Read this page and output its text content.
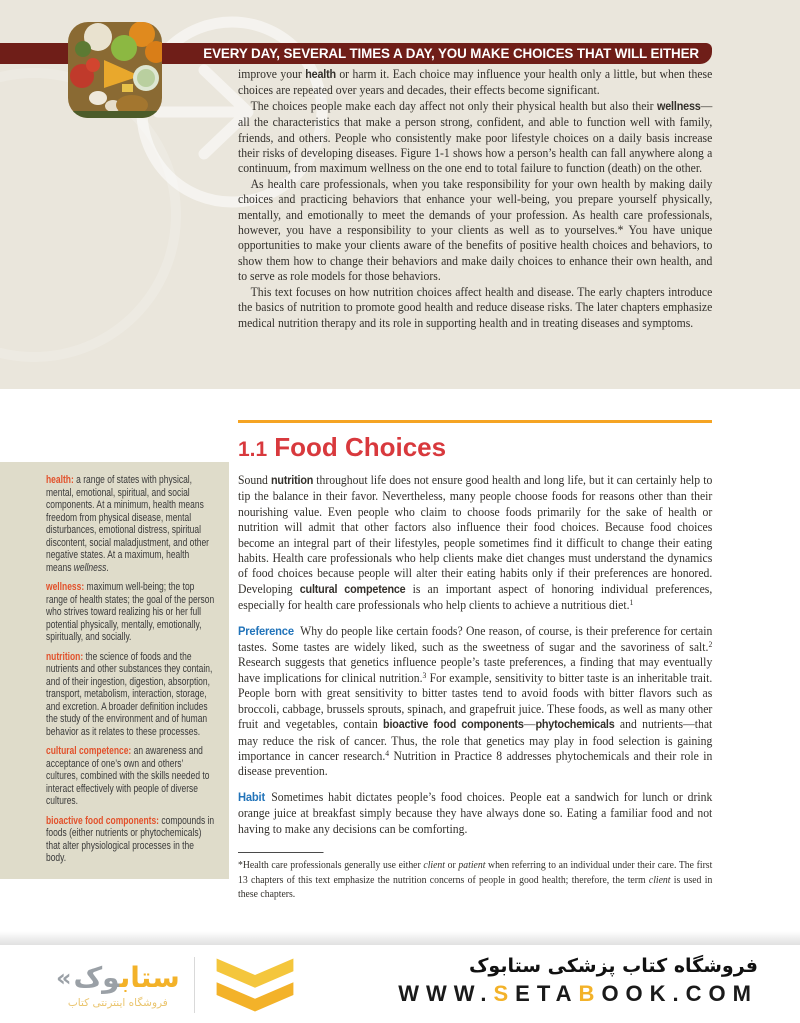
EVERY DAY, SEVERAL TIMES A DAY, YOU MAKE CHOICES THAT WILL EITHER

improve your health or harm it. Each choice may influence your health only a little, but when these choices are repeated over years and decades, their effects become significant.

The choices people make each day affect not only their physical health but also their wellness—all the characteristics that make a person strong, confident, and able to function well with family, friends, and others. People who consistently make poor lifestyle choices on a daily basis increase their risks of developing diseases. Figure 1-1 shows how a person’s health can fall anywhere along a continuum, from maximum wellness on the one end to total failure to function (death) on the other.

As health care professionals, when you take responsibility for your own health by making daily choices and practicing behaviors that enhance your well-being, you prepare yourself physically, mentally, and emotionally to meet the demands of your profession. As health care professionals, however, you have a responsibility to your clients as well as to yourselves.* You have unique opportunities to make your clients aware of the benefits of positive health choices and behaviors, to show them how to change their behaviors and make daily choices to enhance their own health, and to serve as role models for those behaviors.

This text focuses on how nutrition choices affect health and disease. The early chapters introduce the basics of nutrition to promote good health and reduce disease risks. The later chapters emphasize medical nutrition therapy and its role in supporting health and in treating diseases and symptoms.

health: a range of states with physical, mental, emotional, spiritual, and social components. At a minimum, health means freedom from physical disease, mental disturbances, emotional distress, spiritual discontent, social maladjustment, and other negative states. At a maximum, health means wellness.

wellness: maximum well-being; the top range of health states; the goal of the person who strives toward realizing his or her full potential physically, mentally, emotionally, spiritually, and socially.

nutrition: the science of foods and the nutrients and other substances they contain, and of their ingestion, digestion, absorption, transport, metabolism, interaction, storage, and excretion. A broader definition includes the study of the environment and of human behavior as it relates to these processes.

cultural competence: an awareness and acceptance of one’s own and others’ cultures, combined with the skills needed to interact effectively with people of diverse cultures.

bioactive food components: compounds in foods (either nutrients or phytochemicals) that alter physiological processes in the body.

1.1 Food Choices

Sound nutrition throughout life does not ensure good health and long life, but it can certainly help to tip the balance in their favor. Nevertheless, many people choose foods for reasons other than their nourishing value. Even people who claim to choose foods primarily for the sake of health or nutrition will admit that other factors also influence their food choices. Because food choices become an integral part of their lifestyles, people sometimes find it difficult to change their eating habits. Health care professionals who help clients make diet changes must understand the dynamics of food choices because people will alter their eating habits only if their preferences are honored. Developing cultural competence is an important aspect of honoring individual preferences, especially for health care professionals who help clients to achieve a nutritious diet.$^1$

Preference Why do people like certain foods? One reason, of course, is their preference for certain tastes. Some tastes are widely liked, such as the sweetness of sugar and the savoriness of salt.$^2$ Research suggests that genetics influence people’s taste preferences, a finding that may eventually have implications for clinical nutrition.$^3$ For example, sensitivity to bitter taste is an inheritable trait. People born with great sensitivity to bitter tastes tend to avoid foods with bitter flavors such as broccoli, cabbage, brussels sprouts, spinach, and grapefruit juice. These foods, as well as many other fruit and vegetables, contain bioactive food components—phytochemicals and nutrients—that may reduce the risk of cancer. Thus, the role that genetics may play in food selection is gaining importance in cancer research.$^4$ Nutrition in Practice 8 addresses phytochemicals and their role in disease prevention.

Habit Sometimes habit dictates people’s food choices. People eat a sandwich for lunch or drink orange juice at breakfast simply because they have always done so. Eating a familiar food and not having to make any decisions can be comforting.

*Health care professionals generally use either client or patient when referring to an individual under their care. The first 13 chapters of this text emphasize the nutrition concerns of people in good health; therefore, the term client is used in these chapters.

«	ستابوک
فروشگاه اینترنتی کتاب
فروشگاه کتاب پزشکی ستابوک
WWW.SETABOOK.COM
